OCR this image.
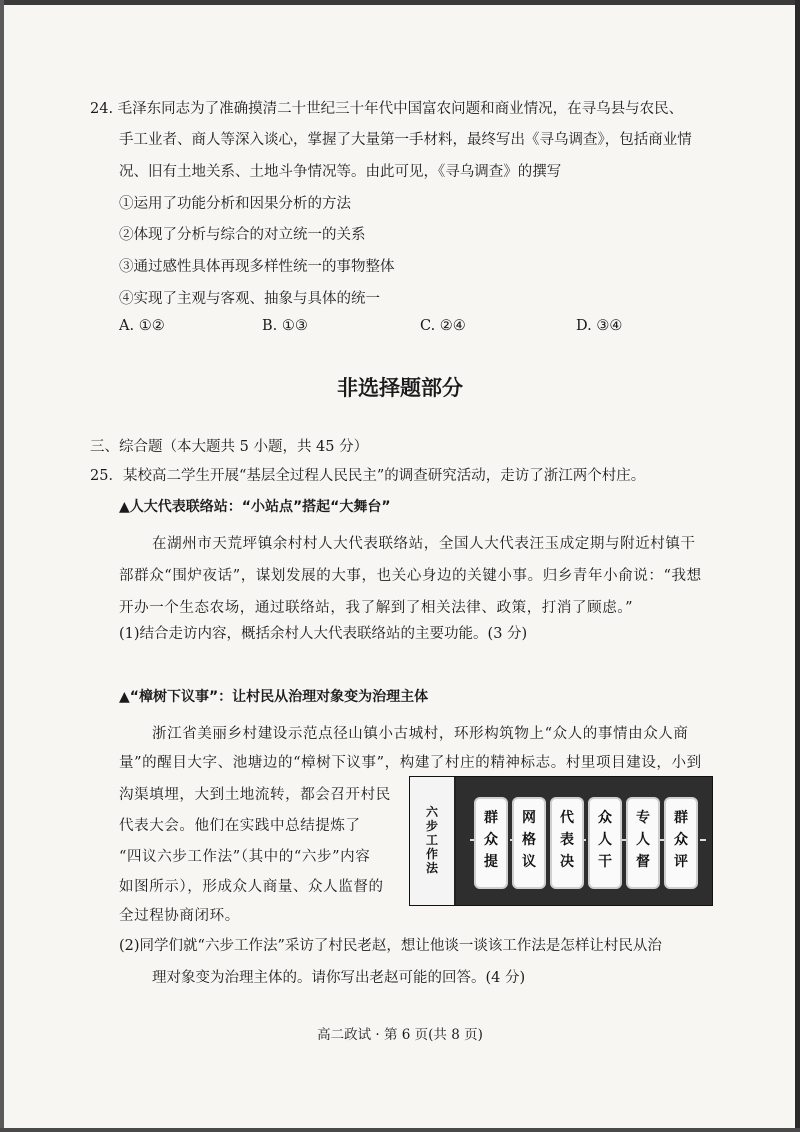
24. 毛泽东同志为了准确摸清二十世纪三十年代中国富农问题和商业情况，在寻乌县与农民、
手工业者、商人等深入谈心，掌握了大量第一手材料，最终写出《寻乌调查》，包括商业情
况、旧有土地关系、土地斗争情况等。由此可见，《寻乌调查》的撰写
①运用了功能分析和因果分析的方法
②体现了分析与综合的对立统一的关系
③通过感性具体再现多样性统一的事物整体
④实现了主观与客观、抽象与具体的统一
A. ①②	B. ①③	C. ②④	D. ③④
非选择题部分
三、综合题（本大题共 5 小题，共 45 分）
25．某校高二学生开展“基层全过程人民民主”的调查研究活动，走访了浙江两个村庄。
▲人大代表联络站：“小站点”搭起“大舞台”
在湖州市天荒坪镇余村村人大代表联络站，全国人大代表汪玉成定期与附近村镇干
部群众“围炉夜话”，谋划发展的大事，也关心身边的关键小事。归乡青年小俞说：“我想
开办一个生态农场，通过联络站，我了解到了相关法律、政策，打消了顾虑。”
(1)结合走访内容，概括余村人大代表联络站的主要功能。(3 分)
▲“樟树下议事”：让村民从治理对象变为治理主体
浙江省美丽乡村建设示范点径山镇小古城村，环形构筑物上“众人的事情由众人商
量”的醒目大字、池塘边的“樟树下议事”，构建了村庄的精神标志。村里项目建设，小到
沟渠填埋，大到土地流转，都会召开村民
代表大会。他们在实践中总结提炼了
“四议六步工作法”（其中的“六步”内容
如图所示），形成众人商量、众人监督的
全过程协商闭环。
六步工作法
群众提
网格议
代表决
众人干
专人督
群众评
(2)同学们就“六步工作法”采访了村民老赵，想让他谈一谈该工作法是怎样让村民从治
理对象变为治理主体的。请你写出老赵可能的回答。(4 分)
高二政试 · 第 6 页(共 8 页)
